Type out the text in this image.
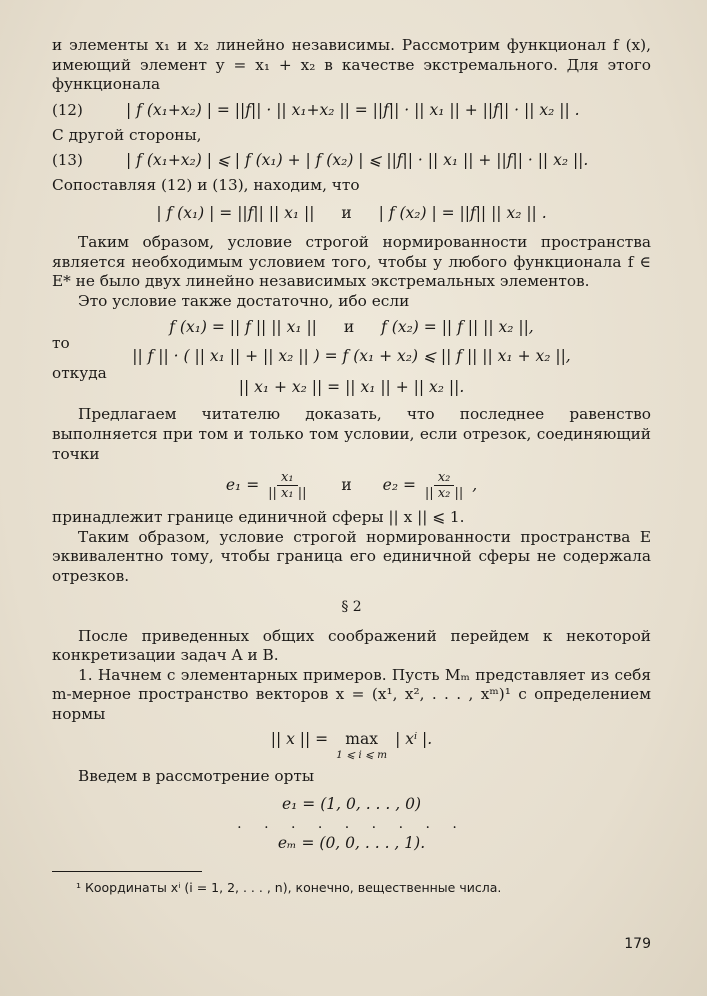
и элементы x₁ и x₂ линейно независимы. Рассмотрим функционал f (x), имеющий элемент y = x₁ + x₂ в качестве экстремального. Для этого функционала

(12)	| f (x₁+x₂) | = ||f|| · || x₁+x₂ || = ||f|| · || x₁ || + ||f|| · || x₂ || .

С другой стороны,

(13)	| f (x₁+x₂) | ⩽ | f (x₁) + | f (x₂) | ⩽ ||f|| · || x₁ || + ||f|| · || x₂ ||.

Сопоставляя (12) и (13), находим, что

| f (x₁) | = ||f|| || x₁ || и | f (x₂) | = ||f|| || x₂ || .

Таким образом, условие строгой нормированности пространства является необходимым условием того, чтобы у любого функционала f ∈ E* не было двух линейно независимых экстремальных элементов.

Это условие также достаточно, ибо если

f (x₁) = || f || || x₁ || и f (x₂) = || f || || x₂ ||,
то
|| f || · ( || x₁ || + || x₂ || ) = f (x₁ + x₂) ⩽ || f || || x₁ + x₂ ||,
откуда
|| x₁ + x₂ || = || x₁ || + || x₂ ||.

Предлагаем читателю доказать, что последнее равенство выполняется при том и только том условии, если отрезок, соединяющий точки

$e_1 = \frac{\text{x₁}}{\text{|| x₁ ||}}$ и $e_2 = \frac{\text{x₂}}{\text{|| x₂ ||}}$ ,

принадлежит границе единичной сферы || x || ⩽ 1.

Таким образом, условие строгой нормированности пространства E эквивалентно тому, чтобы граница его единичной сферы не содержала отрезков.

§ 2

После приведенных общих соображений перейдем к некоторой конкретизации задач A и B.

1. Начнем с элементарных примеров. Пусть Mₘ представляет из себя m-мерное пространство векторов x = (x¹, x², . . . , xᵐ)¹ с определением нормы

|| x || = max
1 ⩽ i ⩽ m
| xⁱ |.

Введем в рассмотрение орты

e₁ = (1, 0, . . . , 0)
. . . . . . . . .
eₘ = (0, 0, . . . , 1).
¹ Координаты xⁱ (i = 1, 2, . . . , n), конечно, вещественные числа.
179
